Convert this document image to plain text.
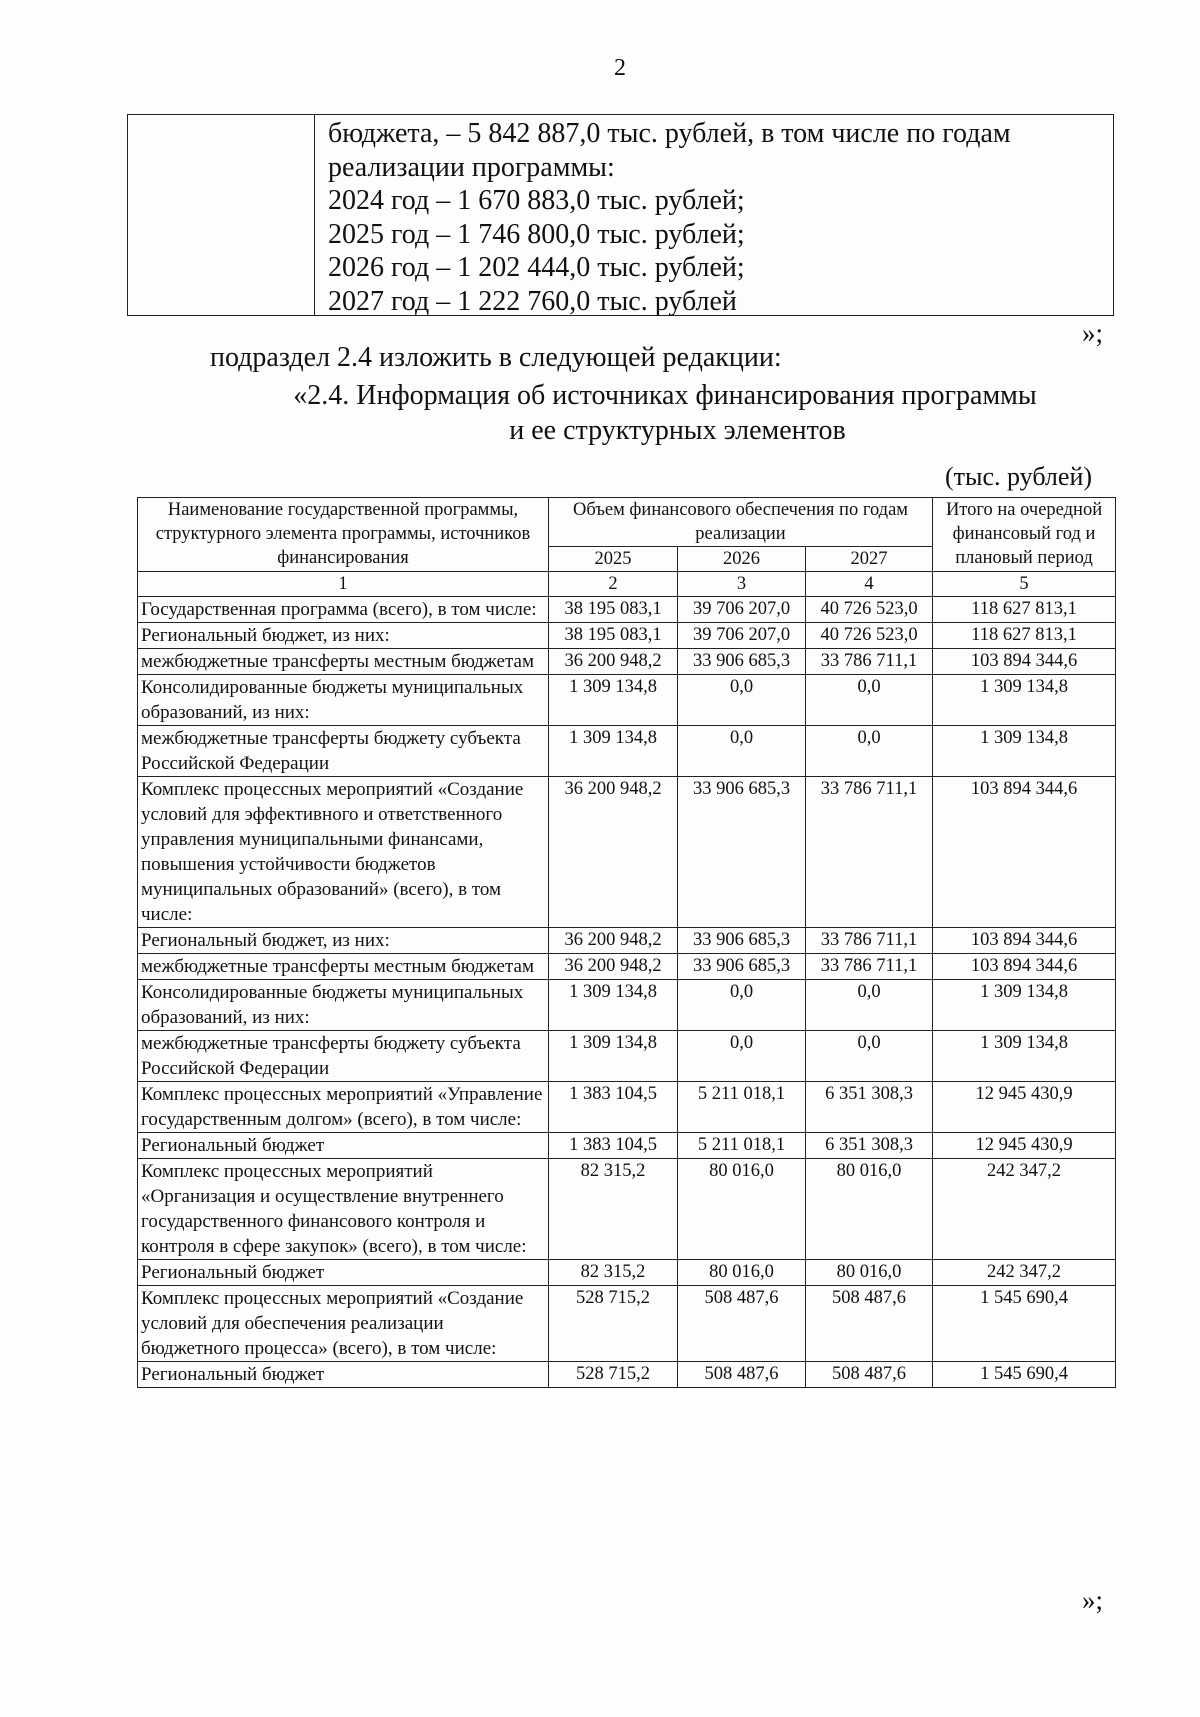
2
бюджета, – 5 842 887,0 тыс. рублей, в том числе по годам
реализации программы:
2024 год – 1 670 883,0 тыс. рублей;
2025 год – 1 746 800,0 тыс. рублей;
2026 год – 1 202 444,0 тыс. рублей;
2027 год – 1 222 760,0 тыс. рублей
»;
подраздел 2.4 изложить в следующей редакции:
«2.4. Информация об источниках финансирования программы
и ее структурных элементов
(тыс. рублей)
Наименование государственной программы, структурного элемента программы, источников финансирования	Объем финансового обеспечения по годам реализации			Итого на очередной финансовый год и плановый период
	2025	2026	2027	
1	2	3	4	5
Государственная программа (всего), в том числе:	38 195 083,1	39 706 207,0	40 726 523,0	118 627 813,1
Региональный бюджет, из них:	38 195 083,1	39 706 207,0	40 726 523,0	118 627 813,1
межбюджетные трансферты местным бюджетам	36 200 948,2	33 906 685,3	33 786 711,1	103 894 344,6
Консолидированные бюджеты муниципальных образований, из них:	1 309 134,8	0,0	0,0	1 309 134,8
межбюджетные трансферты бюджету субъекта Российской Федерации	1 309 134,8	0,0	0,0	1 309 134,8
Комплекс процессных мероприятий «Создание условий для эффективного и ответственного управления муниципальными финансами, повышения устойчивости бюджетов муниципальных образований» (всего), в том числе:	36 200 948,2	33 906 685,3	33 786 711,1	103 894 344,6
Региональный бюджет, из них:	36 200 948,2	33 906 685,3	33 786 711,1	103 894 344,6
межбюджетные трансферты местным бюджетам	36 200 948,2	33 906 685,3	33 786 711,1	103 894 344,6
Консолидированные бюджеты муниципальных образований, из них:	1 309 134,8	0,0	0,0	1 309 134,8
межбюджетные трансферты бюджету субъекта Российской Федерации	1 309 134,8	0,0	0,0	1 309 134,8
Комплекс процессных мероприятий «Управление государственным долгом» (всего), в том числе:	1 383 104,5	5 211 018,1	6 351 308,3	12 945 430,9
Региональный бюджет	1 383 104,5	5 211 018,1	6 351 308,3	12 945 430,9
Комплекс процессных мероприятий «Организация и осуществление внутреннего государственного финансового контроля и контроля в сфере закупок» (всего), в том числе:	82 315,2	80 016,0	80 016,0	242 347,2
Региональный бюджет	82 315,2	80 016,0	80 016,0	242 347,2
Комплекс процессных мероприятий «Создание условий для обеспечения реализации бюджетного процесса» (всего), в том числе:	528 715,2	508 487,6	508 487,6	1 545 690,4
Региональный бюджет	528 715,2	508 487,6	508 487,6	1 545 690,4
»;
